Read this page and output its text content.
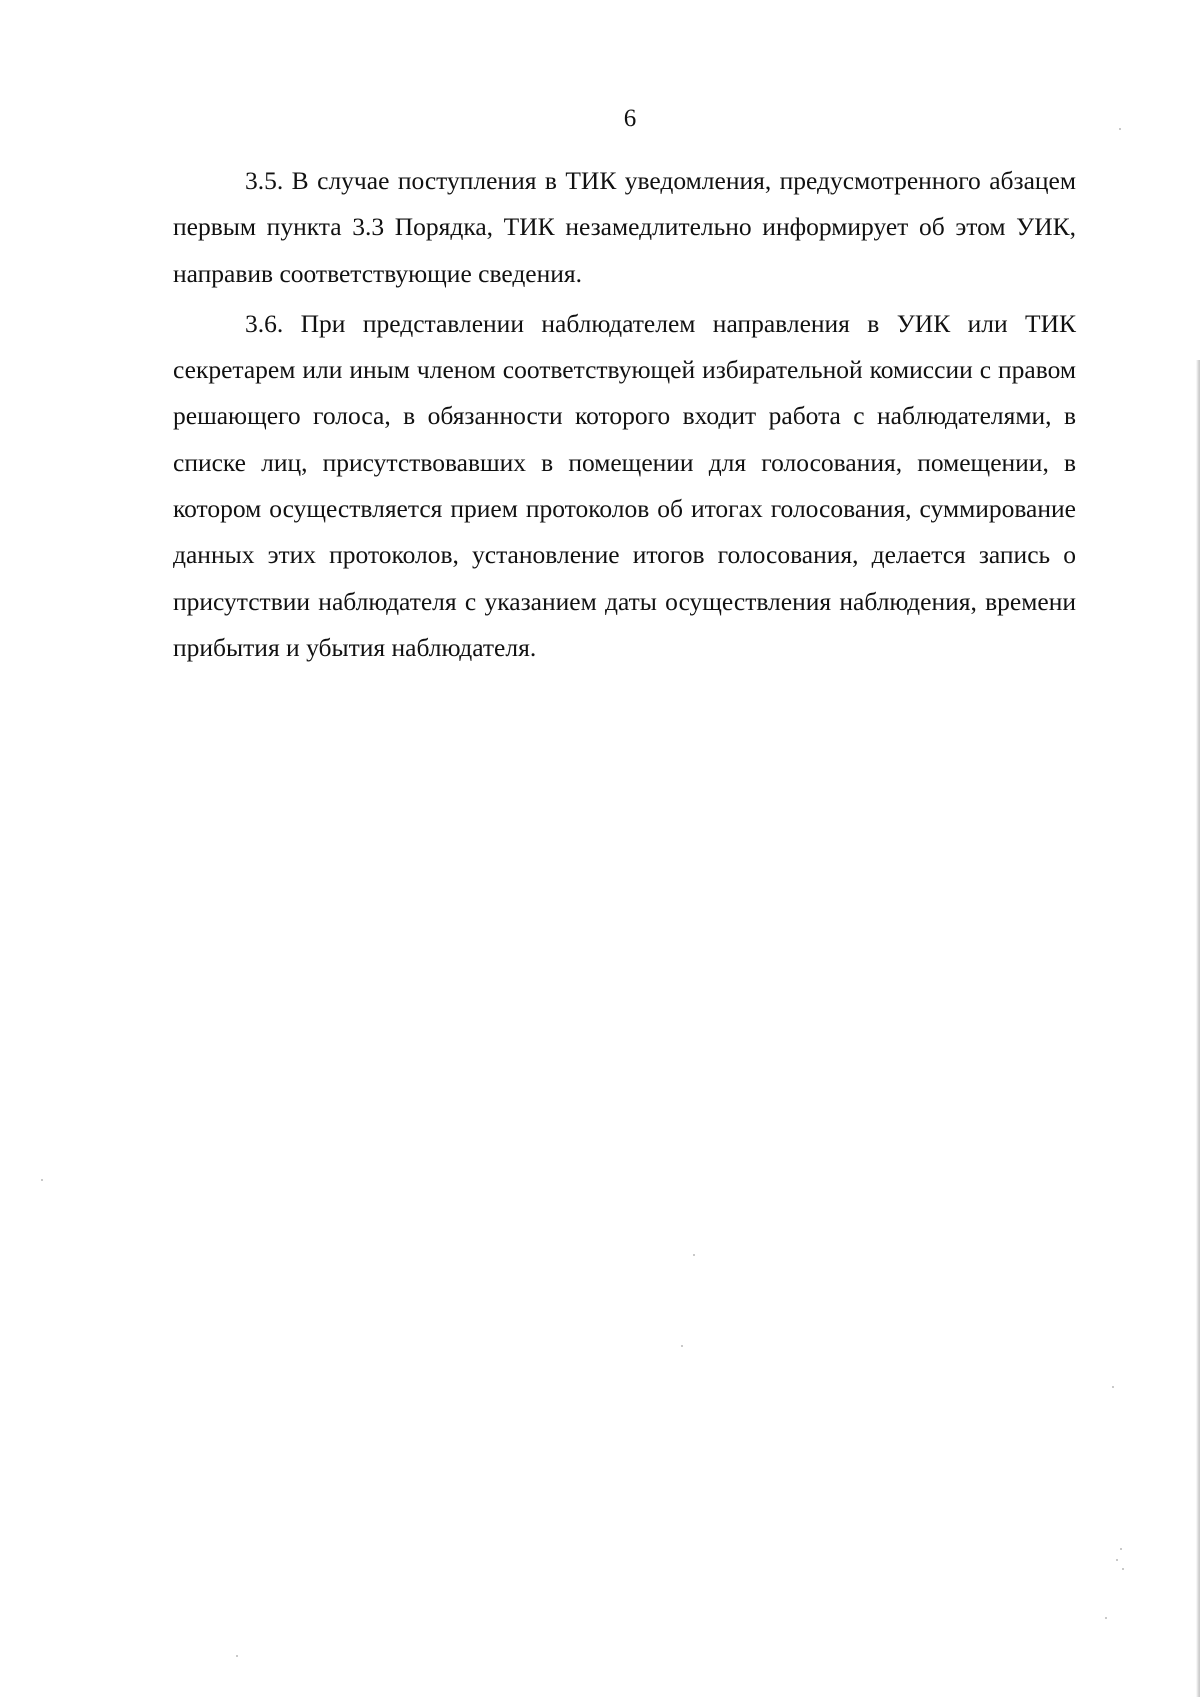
6

3.5. В случае поступления в ТИК уведомления, предусмотренного абзацем первым пункта 3.3 Порядка, ТИК незамедлительно информирует об этом УИК, направив соответствующие сведения.

3.6. При представлении наблюдателем направления в УИК или ТИК секретарем или иным членом соответствующей избирательной комиссии с правом решающего голоса, в обязанности которого входит работа с наблюдателями, в списке лиц, присутствовавших в помещении для голосования, помещении, в котором осуществляется прием протоколов об итогах голосования, суммирование данных этих протоколов, установление итогов голосования, делается запись о присутствии наблюдателя с указанием даты осуществления наблюдения, времени прибытия и убытия наблюдателя.
